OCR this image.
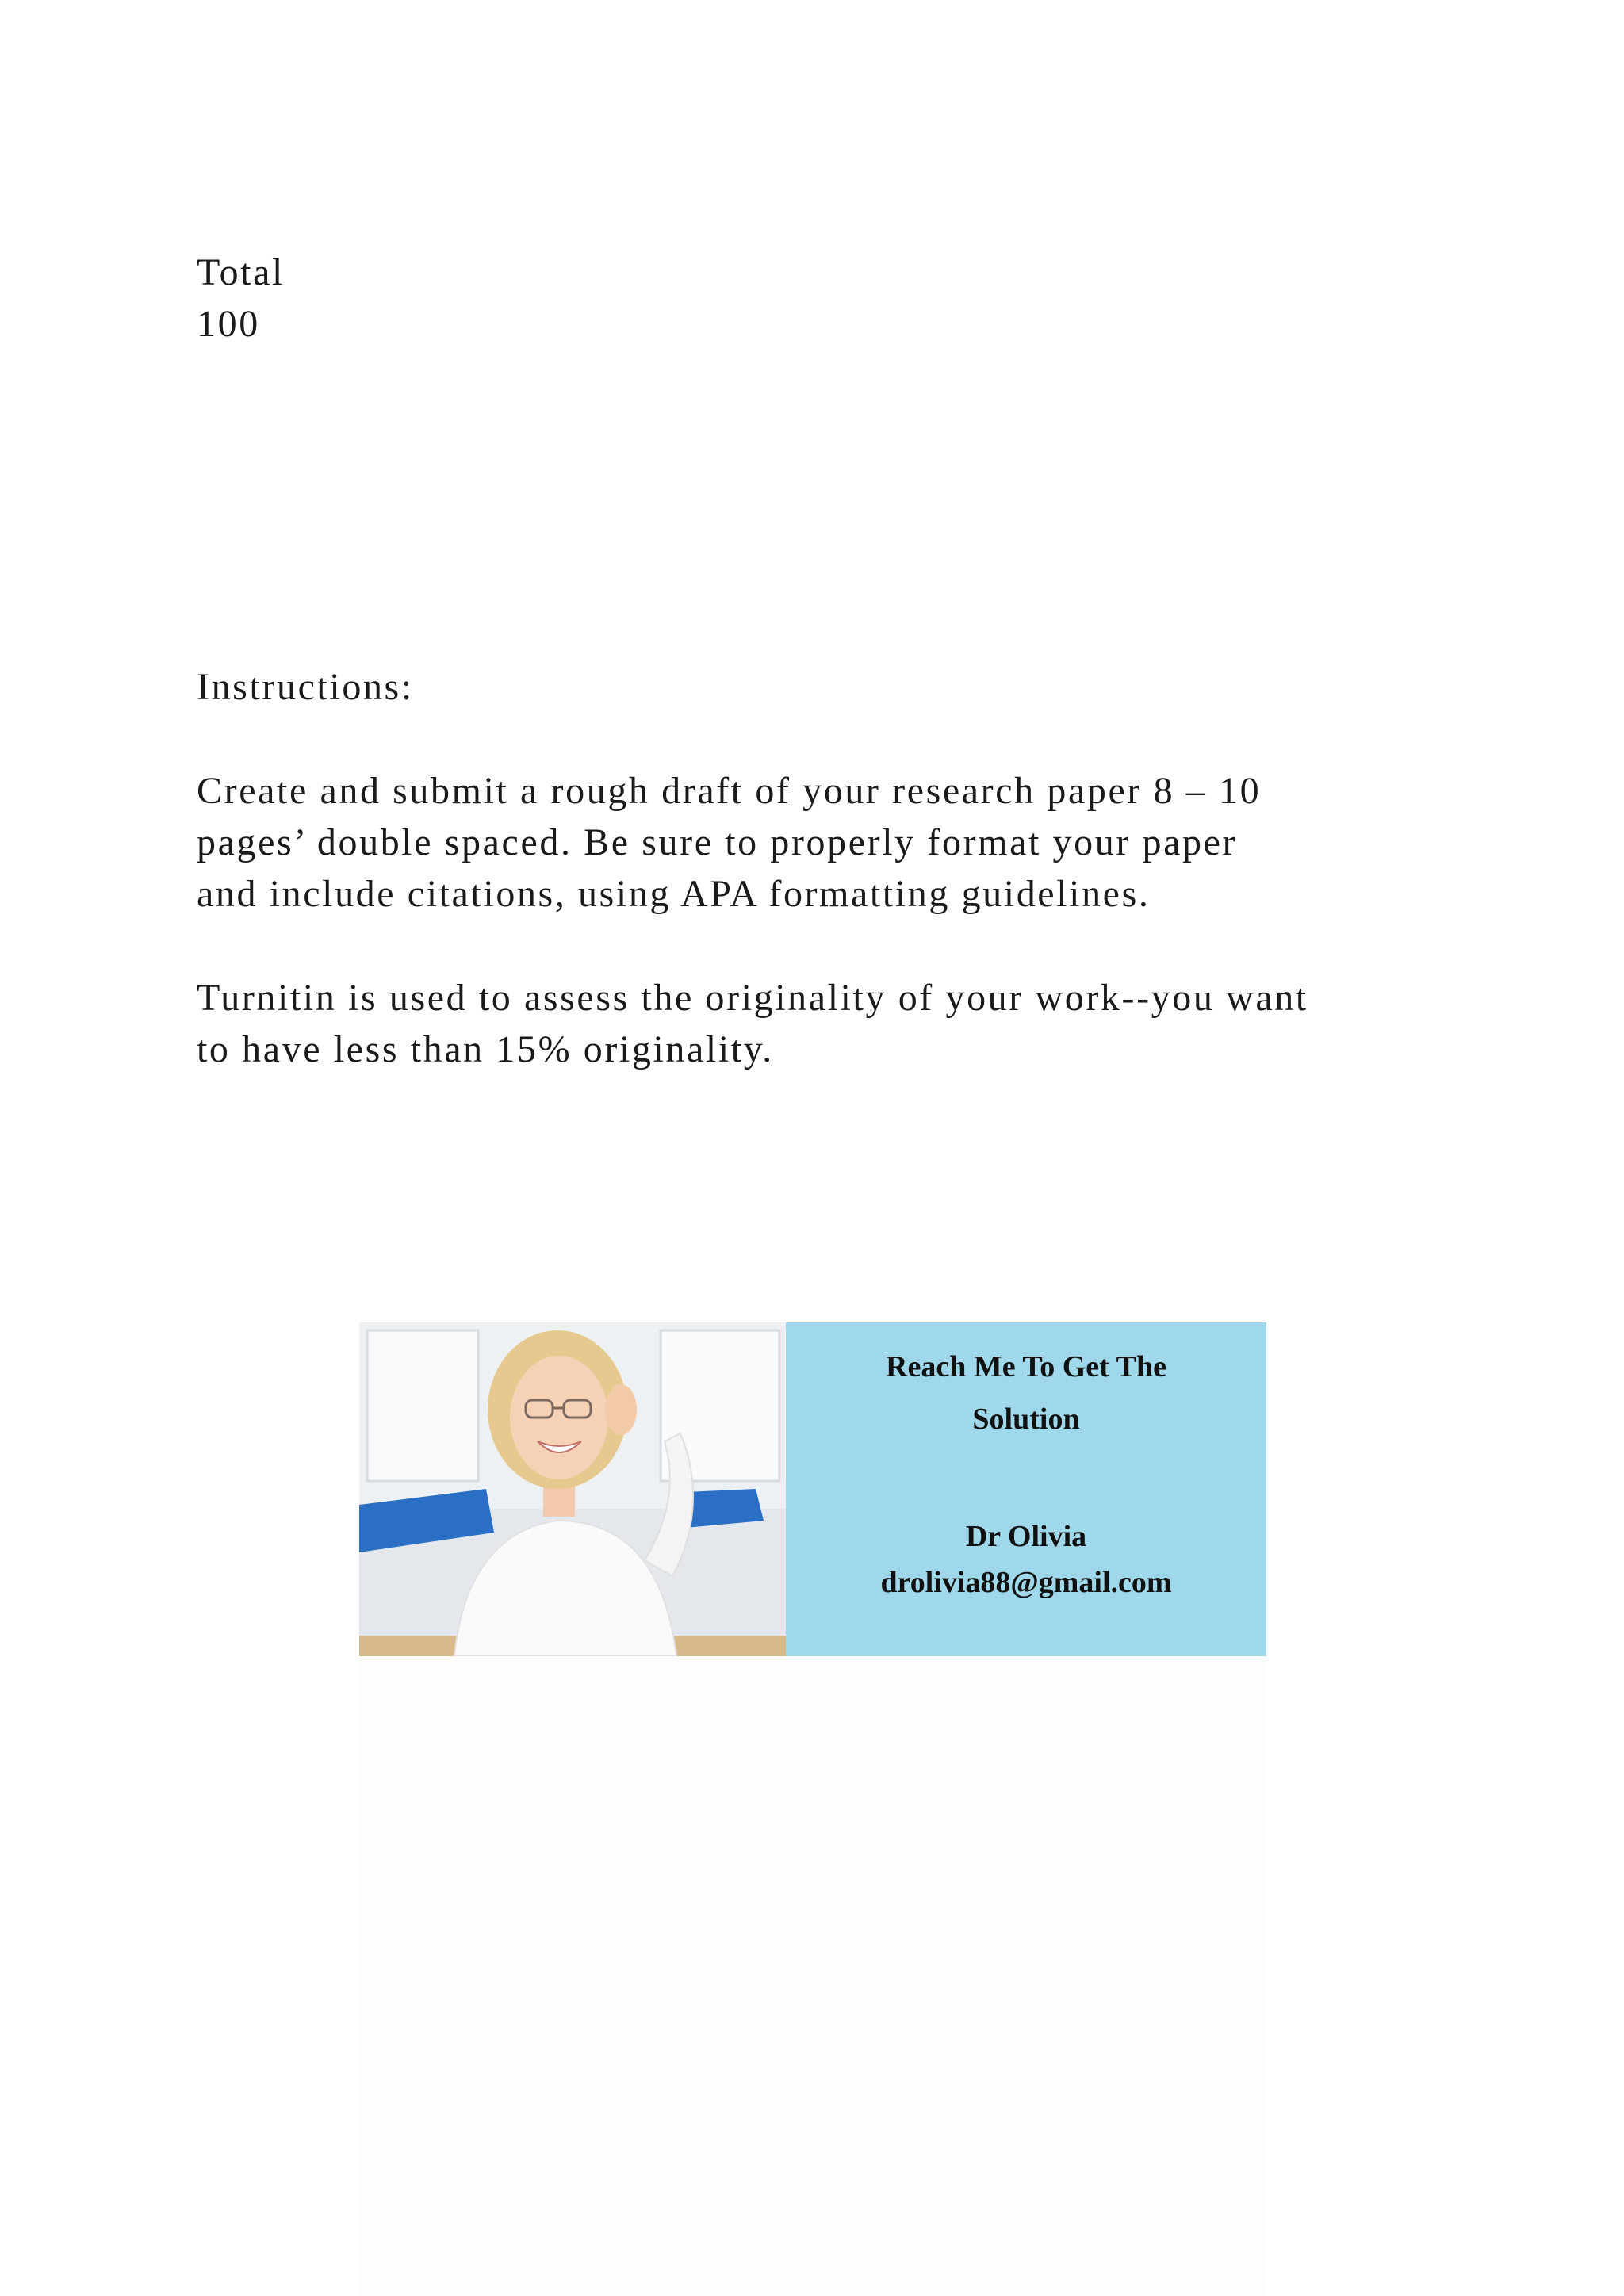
Total
100

Instructions:

Create and submit a rough draft of your research paper 8 – 10
pages’ double spaced. Be sure to properly format your paper
and include citations, using APA formatting guidelines.

Turnitin is used to assess the originality of your work--you want
to have less than 15% originality.

Reach Me To Get The
Solution
Dr Olivia
drolivia88@gmail.com
